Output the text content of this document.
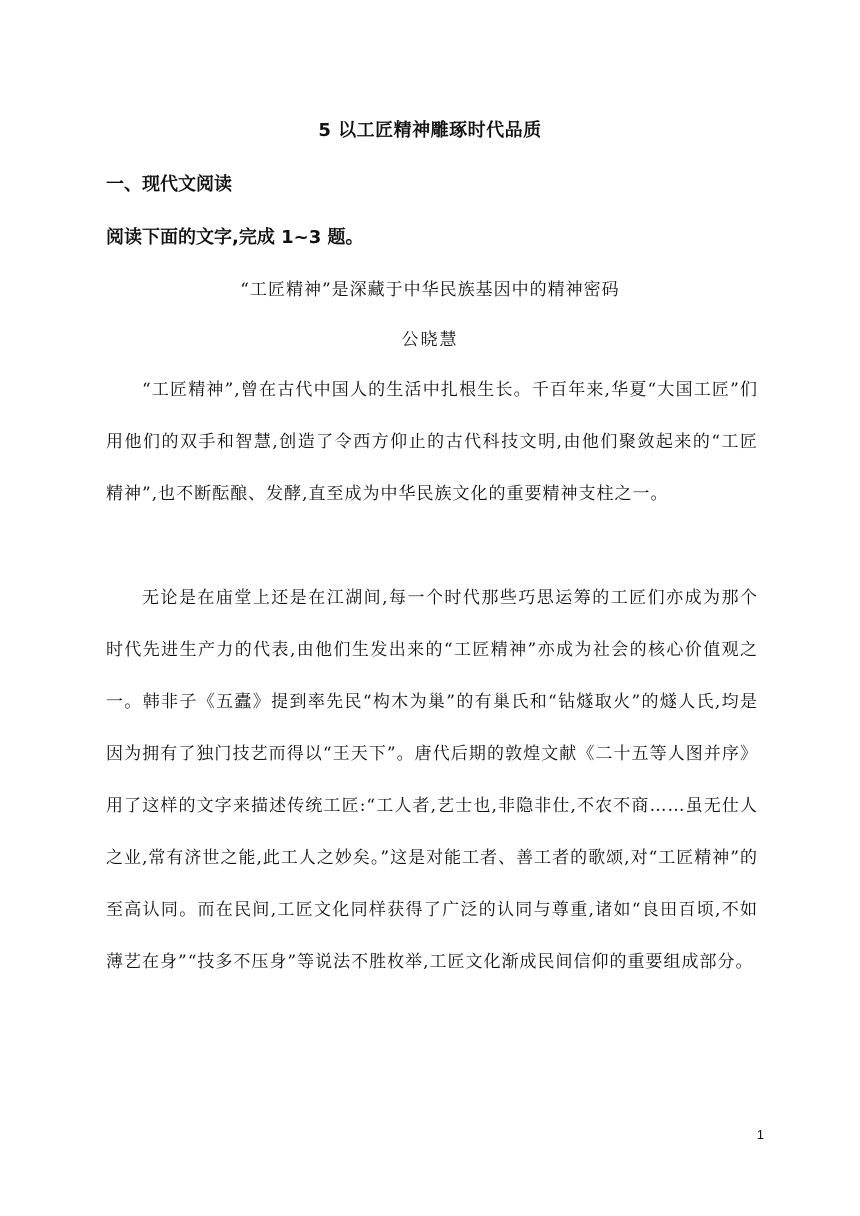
5 以工匠精神雕琢时代品质
一、现代文阅读
阅读下面的文字,完成 1~3 题。
“工匠精神”是深藏于中华民族基因中的精神密码
公晓慧

“工匠精神”,曾在古代中国人的生活中扎根生长。千百年来,华夏“大国工匠”们用他们的双手和智慧,创造了令西方仰止的古代科技文明,由他们聚敛起来的“工匠精神”,也不断酝酿、发酵,直至成为中华民族文化的重要精神支柱之一。

无论是在庙堂上还是在江湖间,每一个时代那些巧思运筹的工匠们亦成为那个时代先进生产力的代表,由他们生发出来的“工匠精神”亦成为社会的核心价值观之一。韩非子《五蠹》提到率先民“构木为巢”的有巢氏和“钻燧取火”的燧人氏,均是因为拥有了独门技艺而得以“王天下”。唐代后期的敦煌文献《二十五等人图并序》用了这样的文字来描述传统工匠:“工人者,艺士也,非隐非仕,不农不商……虽无仕人之业,常有济世之能,此工人之妙矣。”这是对能工者、善工者的歌颂,对“工匠精神”的至高认同。而在民间,工匠文化同样获得了广泛的认同与尊重,诸如“良田百顷,不如薄艺在身”“技多不压身”等说法不胜枚举,工匠文化渐成民间信仰的重要组成部分。

1
